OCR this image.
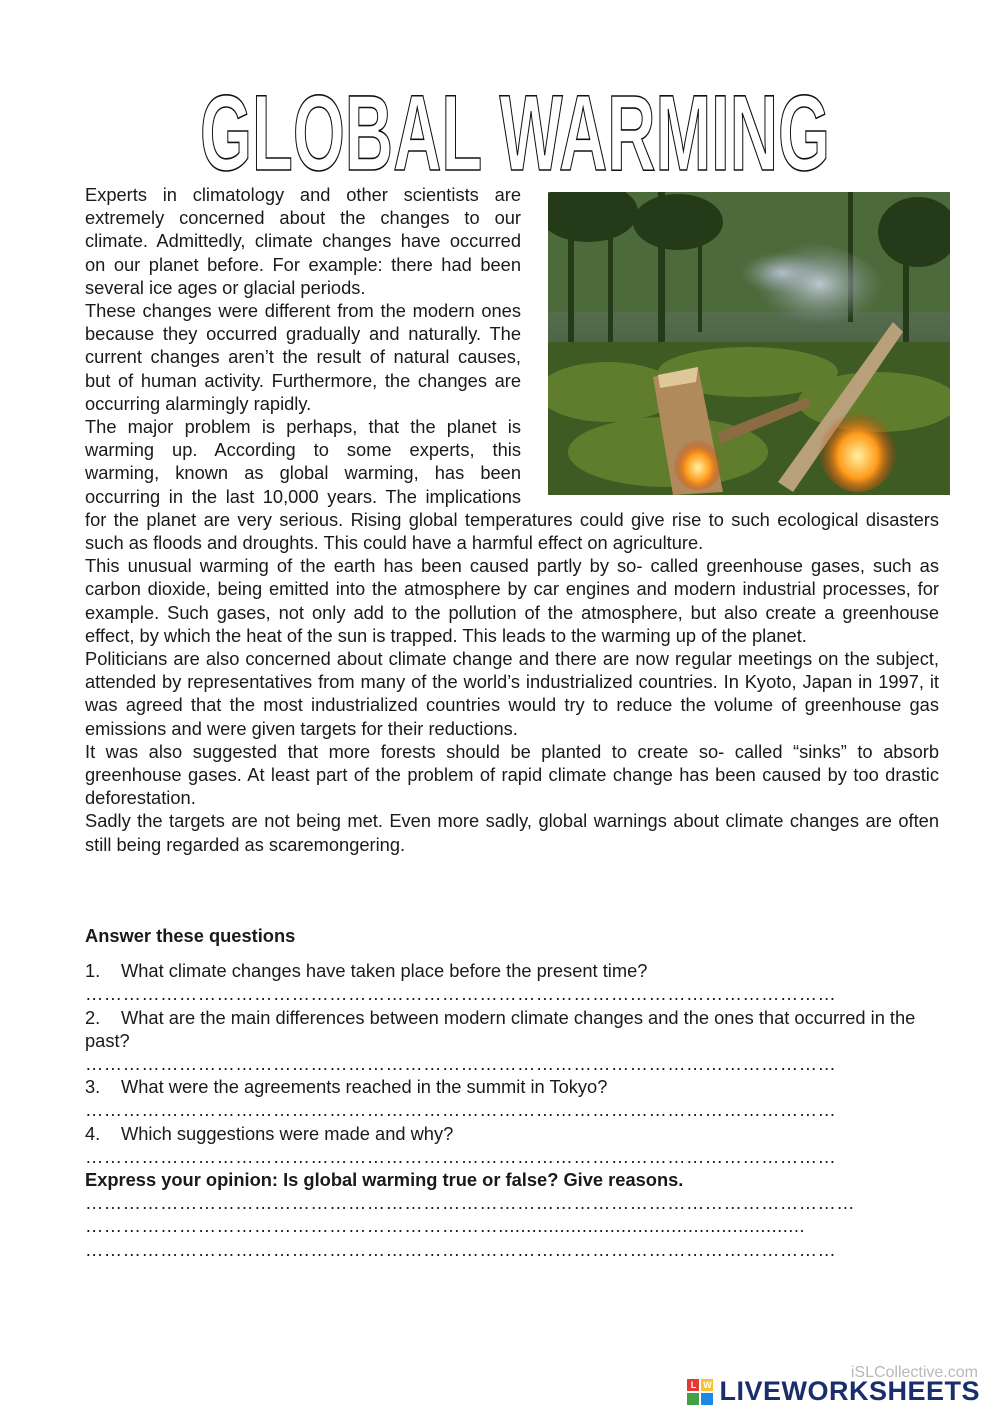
GLOBAL WARMING

Experts in climatology and other scientists are extremely concerned about the changes to our climate. Admittedly, climate changes have occurred on our planet before. For example: there had been several ice ages or glacial periods.

These changes were different from the modern ones because they occurred gradually and naturally. The current changes aren’t the result of natural causes, but of human activity. Furthermore, the changes are occurring alarmingly rapidly.

The major problem is perhaps, that the planet is warming up. According to some experts, this warming, known as global warming, has been occurring in the last 10,000 years. The implications for the planet are very serious. Rising global temperatures could give rise to such ecological disasters such as floods and droughts. This could have a harmful effect on agriculture.

This unusual warming of the earth has been caused partly by so- called greenhouse gases, such as carbon dioxide, being emitted into the atmosphere by car engines and modern industrial processes, for example. Such gases, not only add to the pollution of the atmosphere, but also create a greenhouse effect, by which the heat of the sun is trapped. This leads to the warming up of the planet.

Politicians are also concerned about climate change and there are now regular meetings on the subject, attended by representatives from many of the world’s industrialized countries. In Kyoto, Japan in 1997, it was agreed that the most industrialized countries would try to reduce the volume of greenhouse gas emissions and were given targets for their reductions.

It was also suggested that more forests should be planted to create so- called “sinks” to absorb greenhouse gases. At least part of the problem of rapid climate change has been caused by too drastic deforestation.

Sadly the targets are not being met. Even more sadly, global warnings about climate changes are often still being regarded as scaremongering.

Answer these questions

1. What climate changes have taken place before the present time?

…………………………………………………………………………………………………………

2. What are the main differences between modern climate changes and the ones that occurred in the past?

…………………………………………………………………………………………………………

3. What were the agreements reached in the summit in Tokyo?

…………………………………………………………………………………………………………

4. Which suggestions were made and why?

…………………………………………………………………………………………………………

Express your opinion: Is global warming true or false? Give reasons.

……………………………………………………………………………………………………………

………………………………………………………….......................................................

…………………………………………………………………………………………………………

iSLCollective.com
L W LIVEWORKSHEETS
